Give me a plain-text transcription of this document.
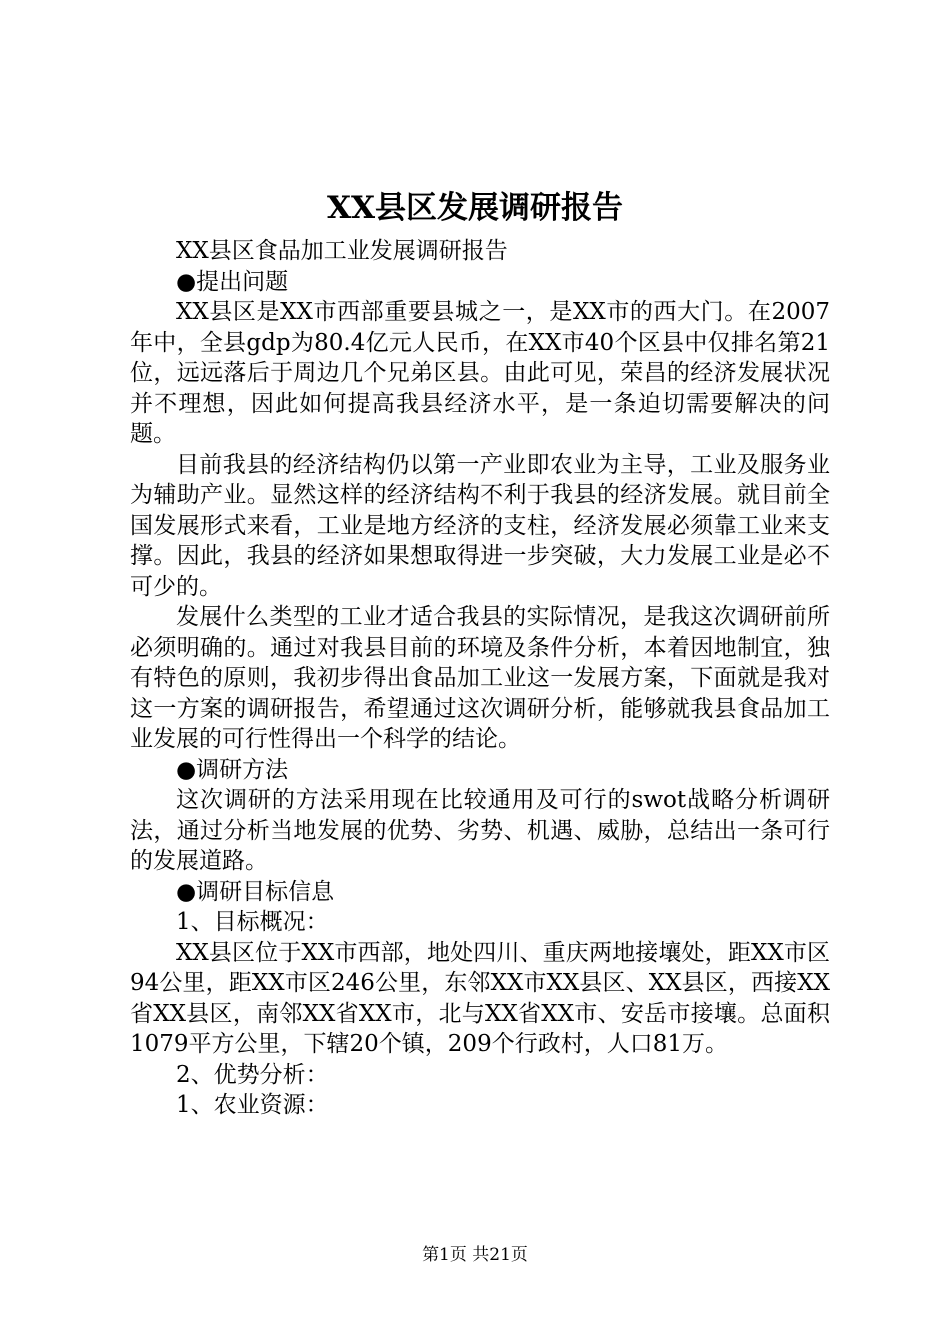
XX县区发展调研报告

XX县区食品加工业发展调研报告

●提出问题

XX县区是XX市西部重要县城之一，是XX市的西大门。在2007年中，全县gdp为80.4亿元人民币，在XX市40个区县中仅排名第21位，远远落后于周边几个兄弟区县。由此可见，荣昌的经济发展状况并不理想，因此如何提高我县经济水平，是一条迫切需要解决的问题。

目前我县的经济结构仍以第一产业即农业为主导，工业及服务业为辅助产业。显然这样的经济结构不利于我县的经济发展。就目前全国发展形式来看，工业是地方经济的支柱，经济发展必须靠工业来支撑。因此，我县的经济如果想取得进一步突破，大力发展工业是必不可少的。

发展什么类型的工业才适合我县的实际情况，是我这次调研前所必须明确的。通过对我县目前的环境及条件分析，本着因地制宜，独有特色的原则，我初步得出食品加工业这一发展方案，下面就是我对这一方案的调研报告，希望通过这次调研分析，能够就我县食品加工业发展的可行性得出一个科学的结论。

●调研方法

这次调研的方法采用现在比较通用及可行的swot战略分析调研法，通过分析当地发展的优势、劣势、机遇、威胁，总结出一条可行的发展道路。

●调研目标信息

1、目标概况：

XX县区位于XX市西部，地处四川、重庆两地接壤处，距XX市区94公里，距XX市区246公里，东邻XX市XX县区、XX县区，西接XX省XX县区，南邻XX省XX市，北与XX省XX市、安岳市接壤。总面积1079平方公里，下辖20个镇，209个行政村，人口81万。

2、优势分析：

1、农业资源：

第1页 共21页
